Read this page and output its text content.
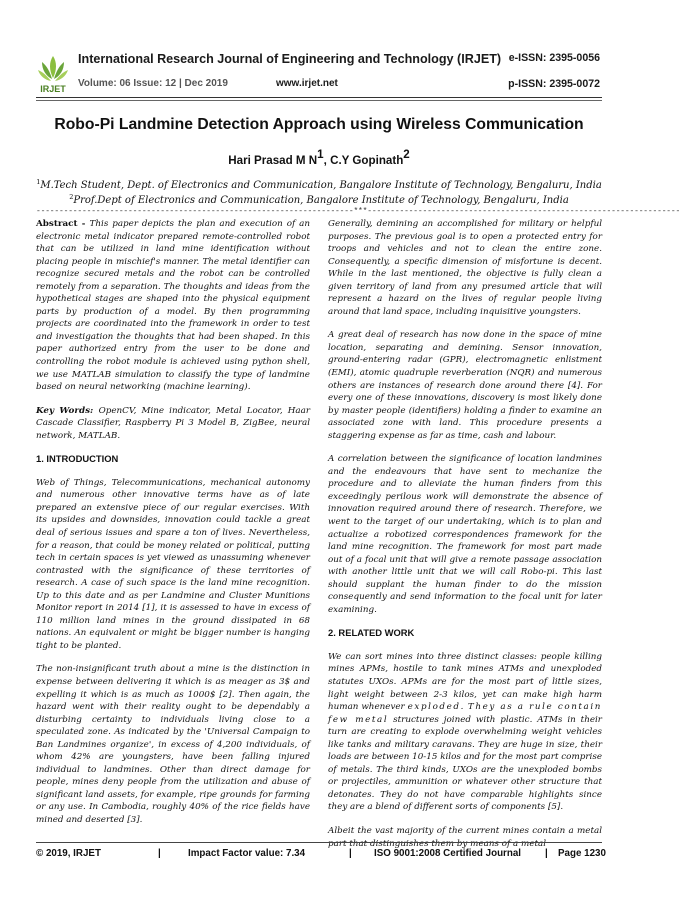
IRJET
International Research Journal of Engineering and Technology (IRJET) e-ISSN: 2395-0056
Volume: 06 Issue: 12 | Dec 2019	www.irjet.net	p-ISSN: 2395-0072
Robo-Pi Landmine Detection Approach using Wireless Communication
Hari Prasad M $N^1$, C.Y Gopinath$^2$
$^1$M.Tech Student, Dept. of Electronics and Communication, Bangalore Institute of Technology, Bengaluru, India
$^2$Prof.Dept of Electronics and Communication, Bangalore Institute of Technology, Bengaluru, India
---------------------------------------------------------------------***--------------------------------------------------------------------

Abstract - This paper depicts the plan and execution of an electronic metal indicator prepared remote-controlled robot that can be utilized in land mine identification without placing people in mischief's manner. The metal identifier can recognize secured metals and the robot can be controlled remotely from a separation. The thoughts and ideas from the hypothetical stages are shaped into the physical equipment parts by production of a model. By then programming projects are coordinated into the framework in order to test and investigation the thoughts that had been shaped. In this paper authorized entry from the user to be done and controlling the robot module is achieved using python shell, we use MATLAB simulation to classify the type of landmine based on neural networking (machine learning).

Key Words: OpenCV, Mine indicator, Metal Locator, Haar Cascade Classifier, Raspberry Pi 3 Model B, ZigBee, neural network, MATLAB.

1. INTRODUCTION

Web of Things, Telecommunications, mechanical autonomy and numerous other innovative terms have as of late prepared an extensive piece of our regular exercises. With its upsides and downsides, innovation could tackle a great deal of serious issues and spare a ton of lives. Nevertheless, for a reason, that could be money related or political, putting tech in certain spaces is yet viewed as unassuming whenever contrasted with the significance of these territories of research. A case of such space is the land mine recognition. Up to this date and as per Landmine and Cluster Munitions Monitor report in 2014 [1], it is assessed to have in excess of 110 million land mines in the ground dissipated in 68 nations. An equivalent or might be bigger number is hanging tight to be planted.

The non-insignificant truth about a mine is the distinction in expense between delivering it which is as meager as 3$ and expelling it which is as much as 1000$ [2]. Then again, the hazard went with their reality ought to be dependably a disturbing certainty to individuals living close to a speculated zone. As indicated by the 'Universal Campaign to Ban Landmines organize', in excess of 4,200 individuals, of whom 42% are youngsters, have been falling injured individual to landmines. Other than direct damage for people, mines deny people from the utilization and abuse of significant land assets, for example, ripe grounds for farming or any use. In Cambodia, roughly 40% of the rice fields have mined and deserted [3].

Generally, demining an accomplished for military or helpful purposes. The previous goal is to open a protected entry for troops and vehicles and not to clean the entire zone. Consequently, a specific dimension of misfortune is decent. While in the last mentioned, the objective is fully clean a given territory of land from any presumed article that will represent a hazard on the lives of regular people living around that land space, including inquisitive youngsters.

A great deal of research has now done in the space of mine location, separating and demining. Sensor innovation, ground-entering radar (GPR), electromagnetic enlistment (EMI), atomic quadruple reverberation (NQR) and numerous others are instances of research done around there [4]. For every one of these innovations, discovery is most likely done by master people (identifiers) holding a finder to examine an associated zone with land. This procedure presents a staggering expense as far as time, cash and labour.

A correlation between the significance of location landmines and the endeavours that have sent to mechanize the procedure and to alleviate the human finders from this exceedingly perilous work will demonstrate the absence of innovation required around there of research. Therefore, we went to the target of our undertaking, which is to plan and actualize a robotized correspondences framework for the land mine recognition. The framework for most part made out of a focal unit that will give a remote passage association with another little unit that we will call Robo-pi. This last should supplant the human finder to do the mission consequently and send information to the focal unit for later examining.

2. RELATED WORK

We can sort mines into three distinct classes: people killing mines APMs, hostile to tank mines ATMs and unexploded statutes UXOs. APMs are for the most part of little sizes, light weight between 2-3 kilos, yet can make high harm human whenever exploded. They as a rule contain few metal structures joined with plastic. ATMs in their turn are creating to explode overwhelming weight vehicles like tanks and military caravans. They are huge in size, their loads are between 10-15 kilos and for the most part comprise of metals. The third kinds, UXOs are the unexploded bombs or projectiles, ammunition or whatever other structure that detonates. They do not have comparable highlights since they are a blend of different sorts of components [5].

Albeit the vast majority of the current mines contain a metal part that distinguishes them by means of a metal

© 2019, IRJET	|	Impact Factor value: 7.34	| ISO 9001:2008 Certified Journal | Page 1230
